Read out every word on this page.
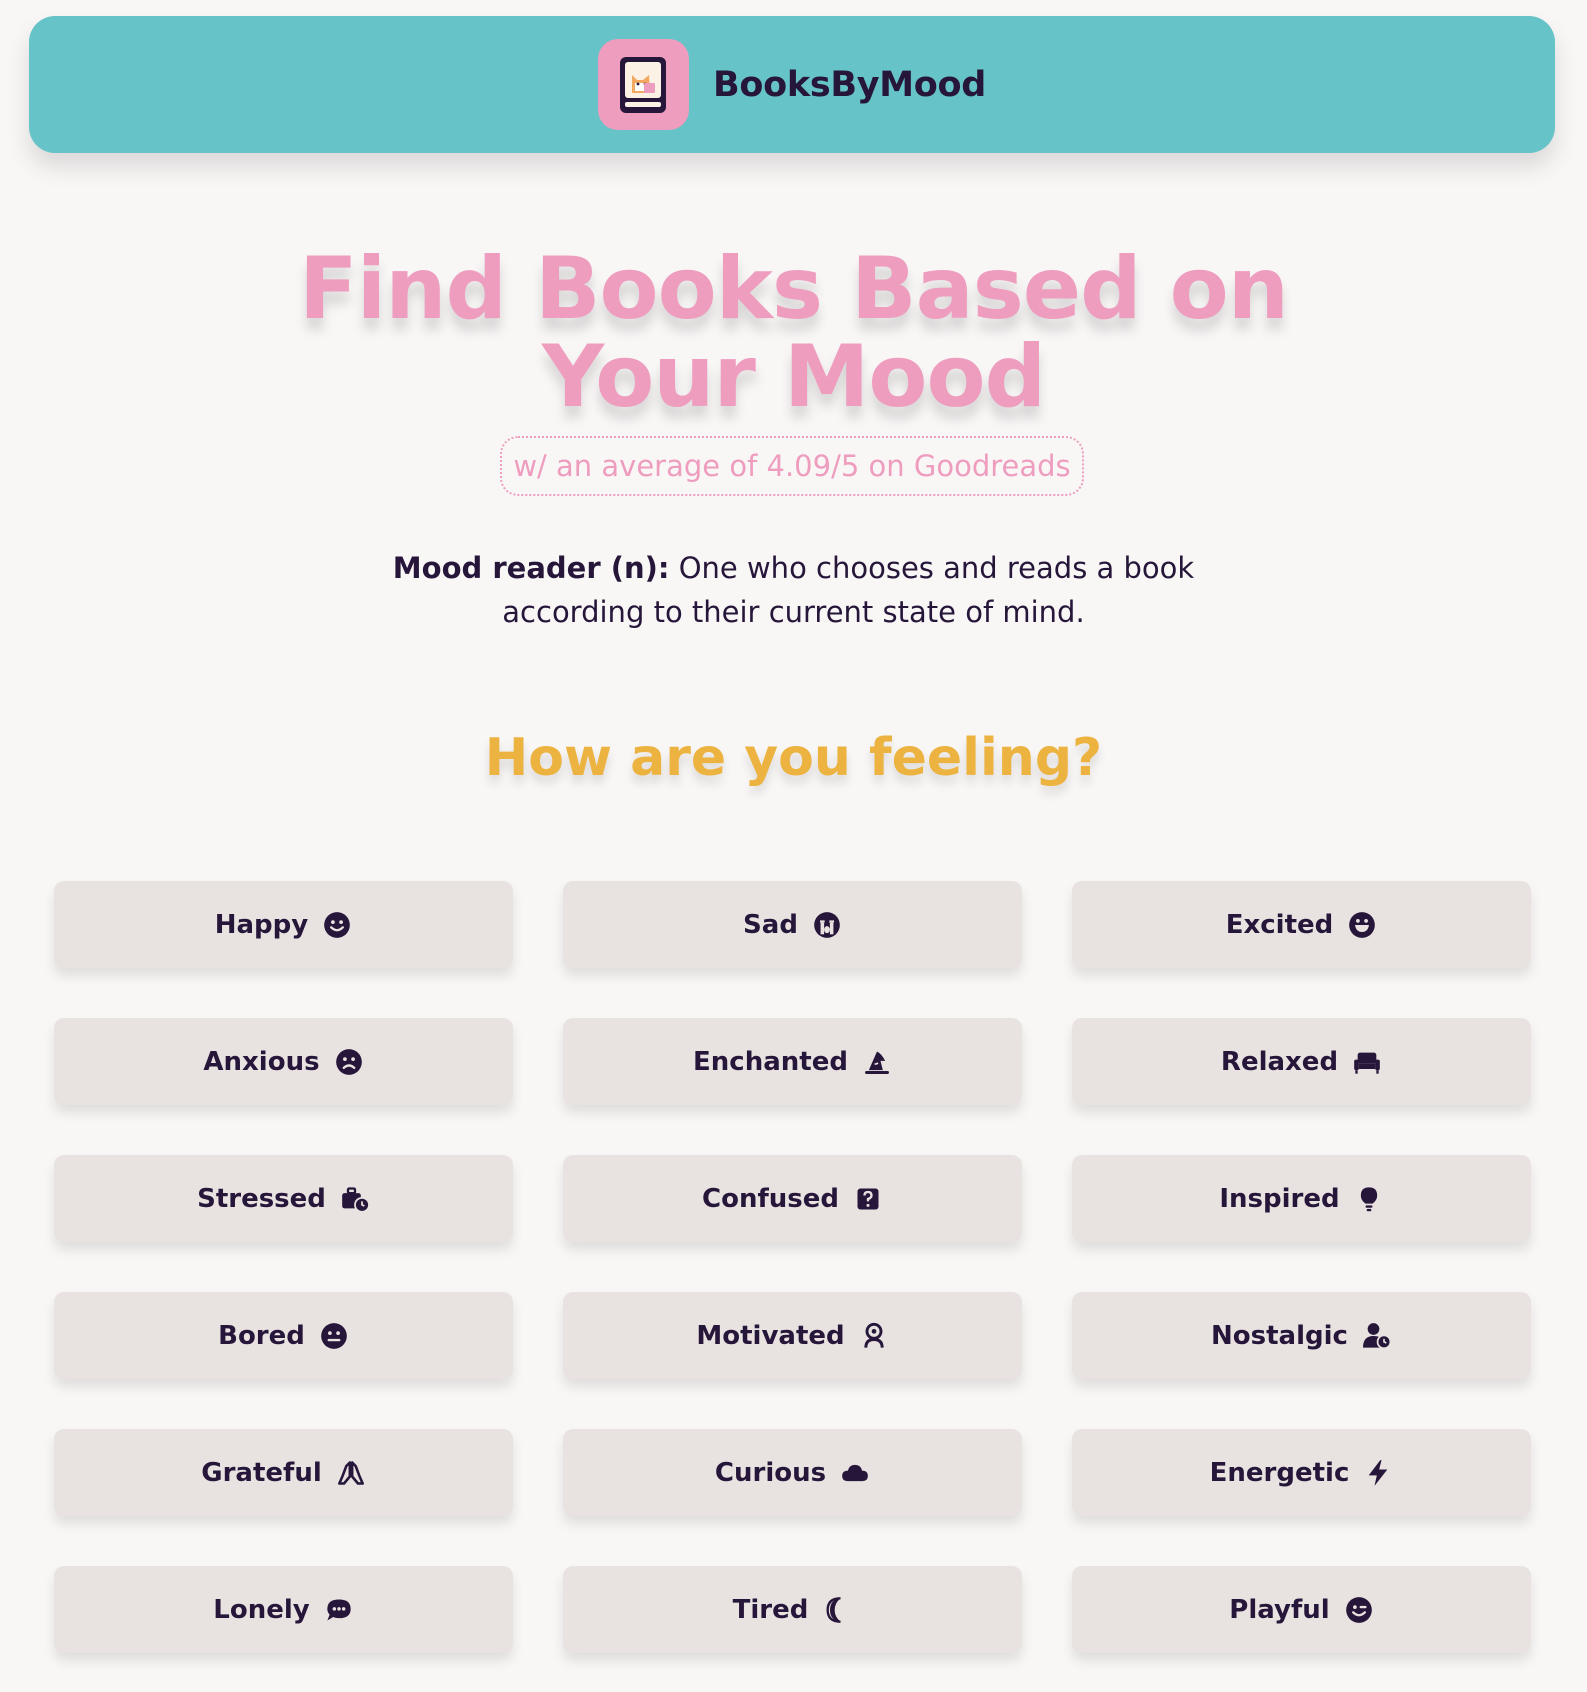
BooksByMood
Find Books Based on
Your Mood
w/ an average of 4.09/5 on Goodreads
Mood reader (n): One who chooses and reads a book
according to their current state of mind.
How are you feeling?
Happy	Sad	Excited
Anxious	Enchanted	Relaxed
Stressed	Confused	Inspired
Bored	Motivated	Nostalgic
Grateful	Curious	Energetic
Lonely	Tired	Playful
